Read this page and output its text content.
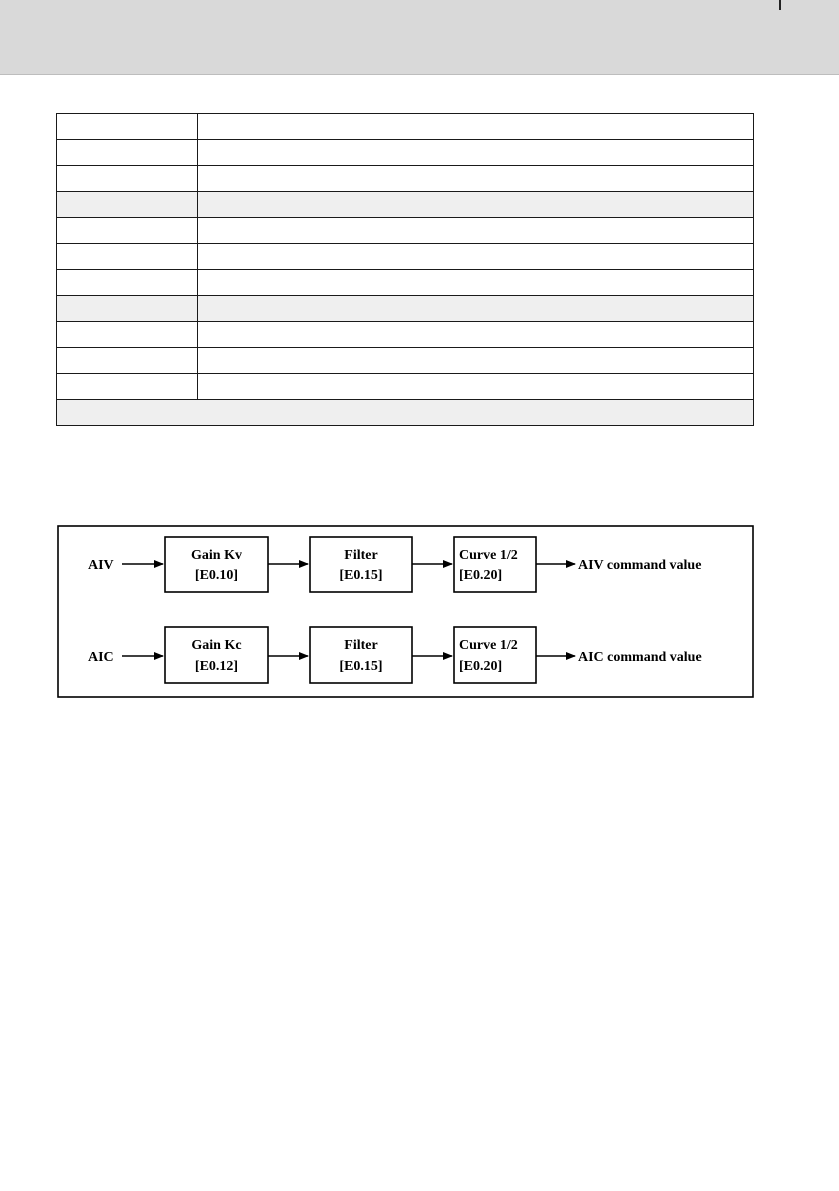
AIV
Gain Kv
[E0.10]
Filter
[E0.15]
Curve 1/2
[E0.20]
AIV command value
AIC
Gain Kc
[E0.12]
Filter
[E0.15]
Curve 1/2
[E0.20]
AIC command value
